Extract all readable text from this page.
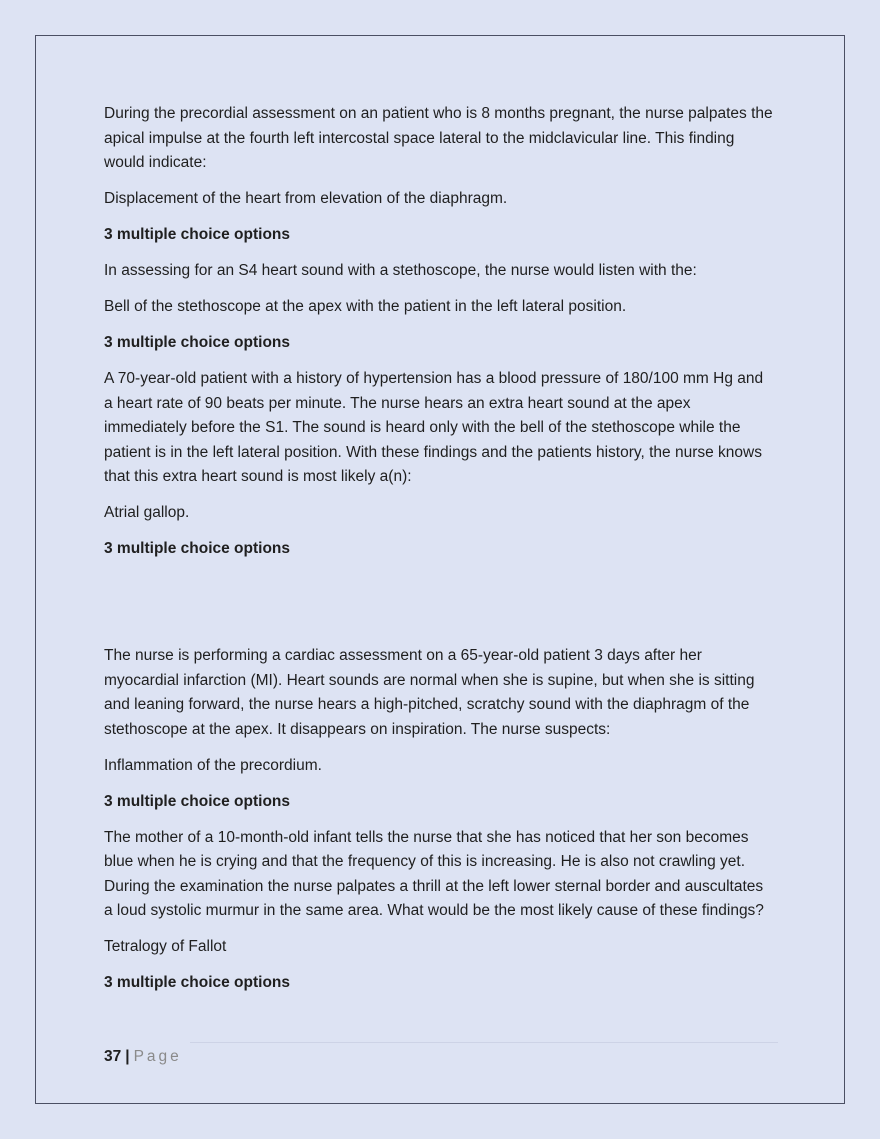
During the precordial assessment on an patient who is 8 months pregnant, the nurse palpates the apical impulse at the fourth left intercostal space lateral to the midclavicular line. This finding would indicate:

Displacement of the heart from elevation of the diaphragm.

3 multiple choice options

In assessing for an S4 heart sound with a stethoscope, the nurse would listen with the:

Bell of the stethoscope at the apex with the patient in the left lateral position.

3 multiple choice options

A 70-year-old patient with a history of hypertension has a blood pressure of 180/100 mm Hg and a heart rate of 90 beats per minute. The nurse hears an extra heart sound at the apex immediately before the S1. The sound is heard only with the bell of the stethoscope while the patient is in the left lateral position. With these findings and the patients history, the nurse knows that this extra heart sound is most likely a(n):

Atrial gallop.

3 multiple choice options

The nurse is performing a cardiac assessment on a 65-year-old patient 3 days after her myocardial infarction (MI). Heart sounds are normal when she is supine, but when she is sitting and leaning forward, the nurse hears a high-pitched, scratchy sound with the diaphragm of the stethoscope at the apex. It disappears on inspiration. The nurse suspects:

Inflammation of the precordium.

3 multiple choice options

The mother of a 10-month-old infant tells the nurse that she has noticed that her son becomes blue when he is crying and that the frequency of this is increasing. He is also not crawling yet. During the examination the nurse palpates a thrill at the left lower sternal border and auscultates a loud systolic murmur in the same area. What would be the most likely cause of these findings?

Tetralogy of Fallot

3 multiple choice options

37 | Page
